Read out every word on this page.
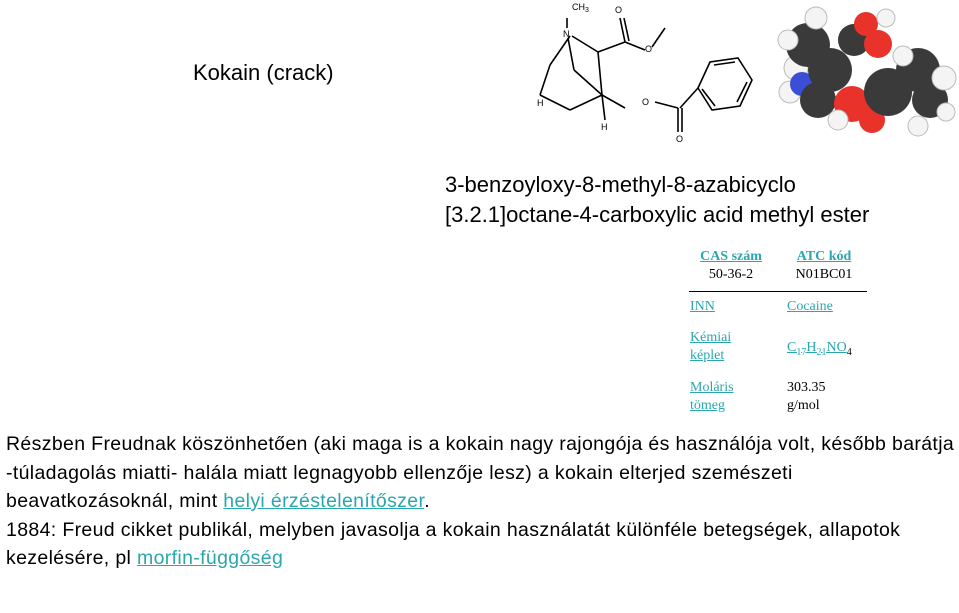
Kokain (crack)
N
$CH_3$	O
O
O
O
H
H
3-benzoyloxy-8-methyl-8-azabicyclo
[3.2.1]octane-4-carboxylic acid methyl ester
CAS szám
50-36-2
ATC kód
N01BC01
INN	Cocaine
Kémiai
képlet
$C_{17}H_{21}NO_4$
Moláris
tömeg
303.35
g/mol
Részben Freudnak köszönhetően (aki maga is a kokain nagy rajongója és használója volt, később barátja -túladagolás miatti- halála miatt legnagyobb ellenzője lesz) a kokain elterjed szemészeti beavatkozásoknál, mint helyi érzéstelenítőszer.
1884: Freud cikket publikál, melyben javasolja a kokain használatát különféle betegségek, allapotok kezelésére, pl morfin-függőség
